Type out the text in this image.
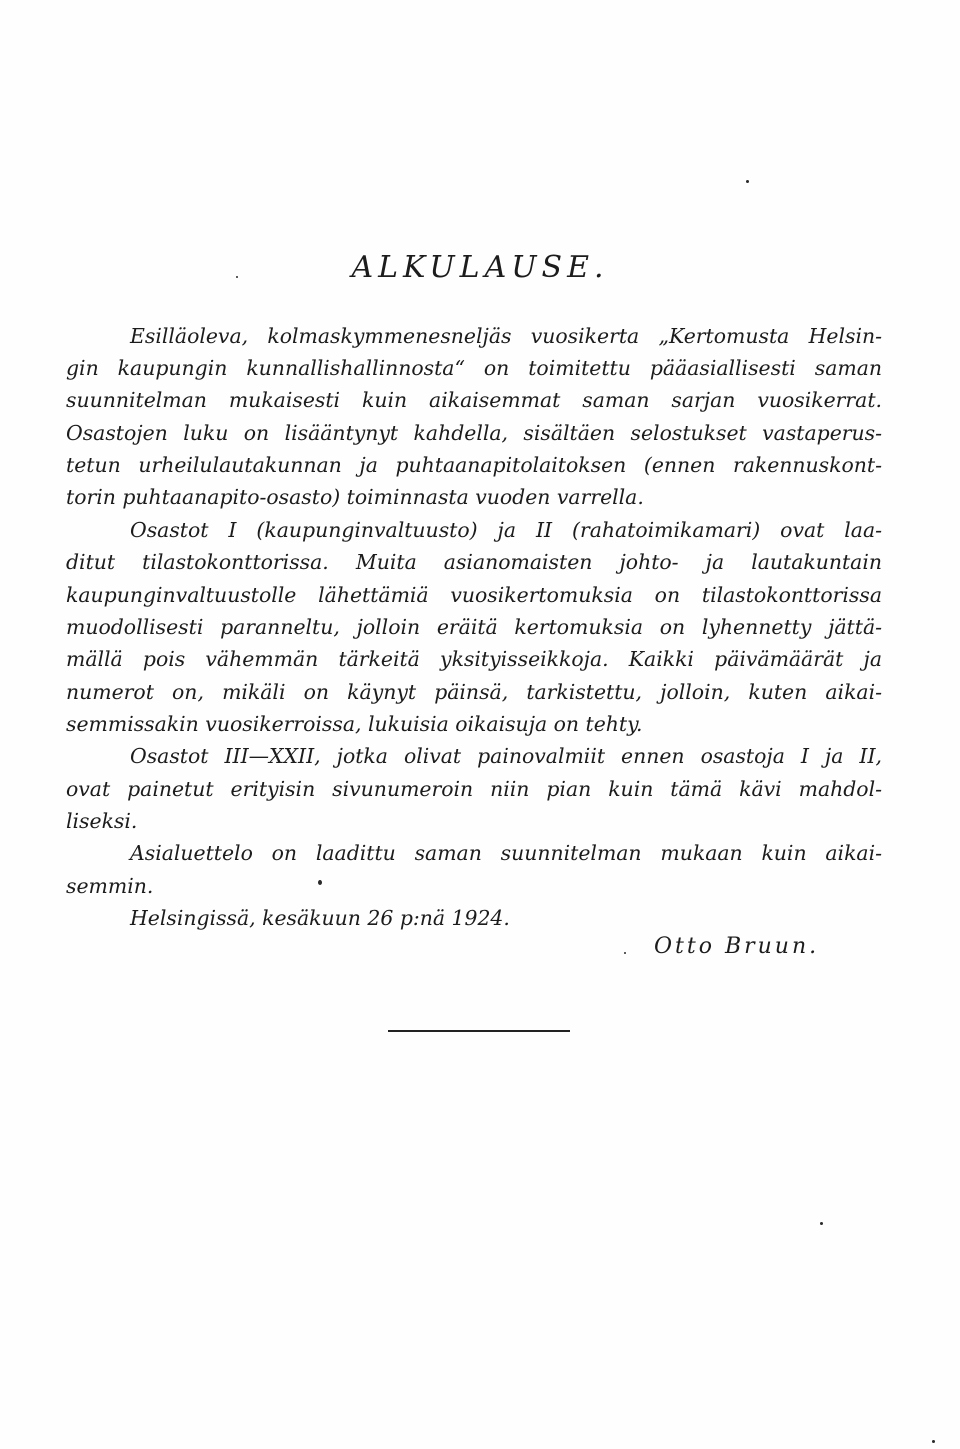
ALKULAUSE.
Esilläoleva, kolmaskymmenesneljäs vuosikerta „Kertomusta Helsin-
gin kaupungin kunnallishallinnosta“ on toimitettu pääasiallisesti saman
suunnitelman mukaisesti kuin aikaisemmat saman sarjan vuosikerrat.
Osastojen luku on lisääntynyt kahdella, sisältäen selostukset vastaperus-
tetun urheilulautakunnan ja puhtaanapitolaitoksen (ennen rakennuskont-
torin puhtaanapito-osasto) toiminnasta vuoden varrella.
Osastot I (kaupunginvaltuusto) ja II (rahatoimikamari) ovat laa-
ditut tilastokonttorissa. Muita asianomaisten johto- ja lautakuntain
kaupunginvaltuustolle lähettämiä vuosikertomuksia on tilastokonttorissa
muodollisesti paranneltu, jolloin eräitä kertomuksia on lyhennetty jättä-
mällä pois vähemmän tärkeitä yksityisseikkoja. Kaikki päivämäärät ja
numerot on, mikäli on käynyt päinsä, tarkistettu, jolloin, kuten aikai-
semmissakin vuosikerroissa, lukuisia oikaisuja on tehty.
Osastot III—XXII, jotka olivat painovalmiit ennen osastoja I ja II,
ovat painetut erityisin sivunumeroin niin pian kuin tämä kävi mahdol-
liseksi.
Asialuettelo on laadittu saman suunnitelman mukaan kuin aikai-
semmin.
Helsingissä, kesäkuun 26 p:nä 1924.
Otto Bruun.
